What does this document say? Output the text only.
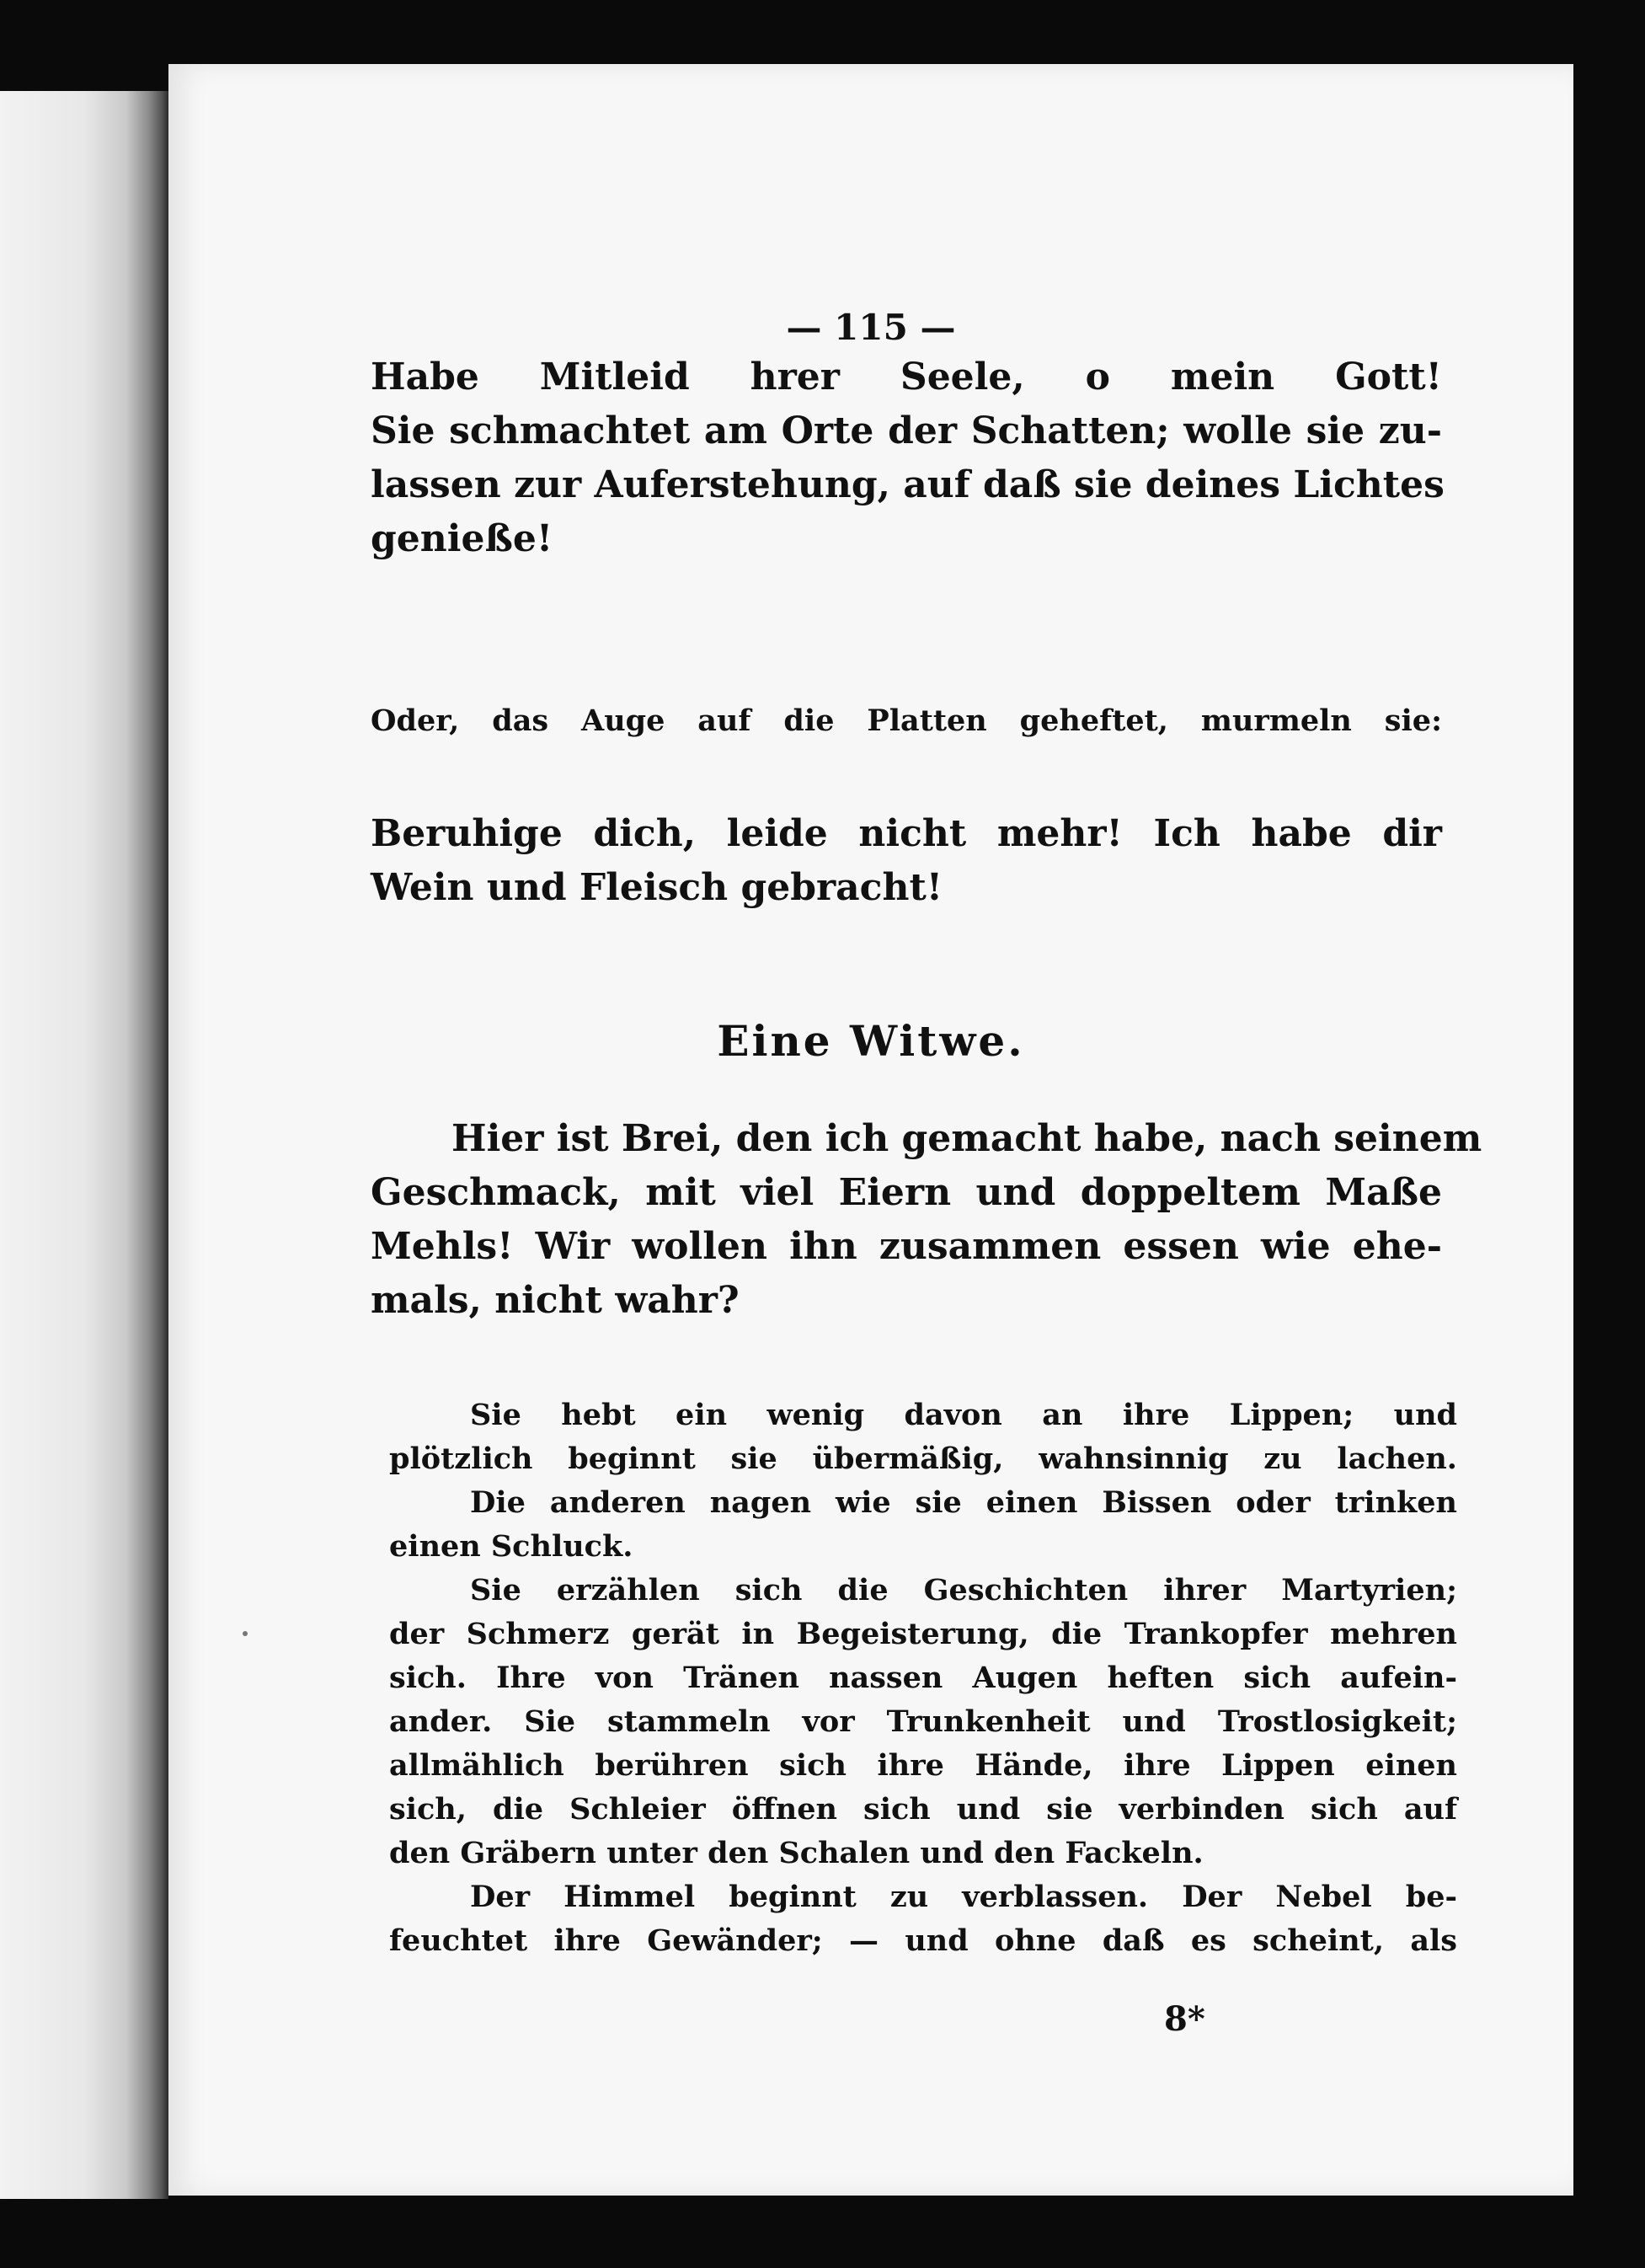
— 115 —
Habe Mitleid hrer Seele, o mein Gott!
Sie schmachtet am Orte der Schatten; wolle sie zu-
lassen zur Auferstehung, auf daß sie deines Lichtes
genieße!
Oder, das Auge auf die Platten geheftet, murmeln sie:
Beruhige dich, leide nicht mehr! Ich habe dir
Wein und Fleisch gebracht!
Eine Witwe.
Hier ist Brei, den ich gemacht habe, nach seinem
Geschmack, mit viel Eiern und doppeltem Maße
Mehls! Wir wollen ihn zusammen essen wie ehe-
mals, nicht wahr?
Sie hebt ein wenig davon an ihre Lippen; und
plötzlich beginnt sie übermäßig, wahnsinnig zu lachen.
Die anderen nagen wie sie einen Bissen oder trinken
einen Schluck.
Sie erzählen sich die Geschichten ihrer Martyrien;
der Schmerz gerät in Begeisterung, die Trankopfer mehren
sich. Ihre von Tränen nassen Augen heften sich aufein-
ander. Sie stammeln vor Trunkenheit und Trostlosigkeit;
allmählich berühren sich ihre Hände, ihre Lippen einen
sich, die Schleier öffnen sich und sie verbinden sich auf
den Gräbern unter den Schalen und den Fackeln.
Der Himmel beginnt zu verblassen. Der Nebel be-
feuchtet ihre Gewänder; — und ohne daß es scheint, als
8*
